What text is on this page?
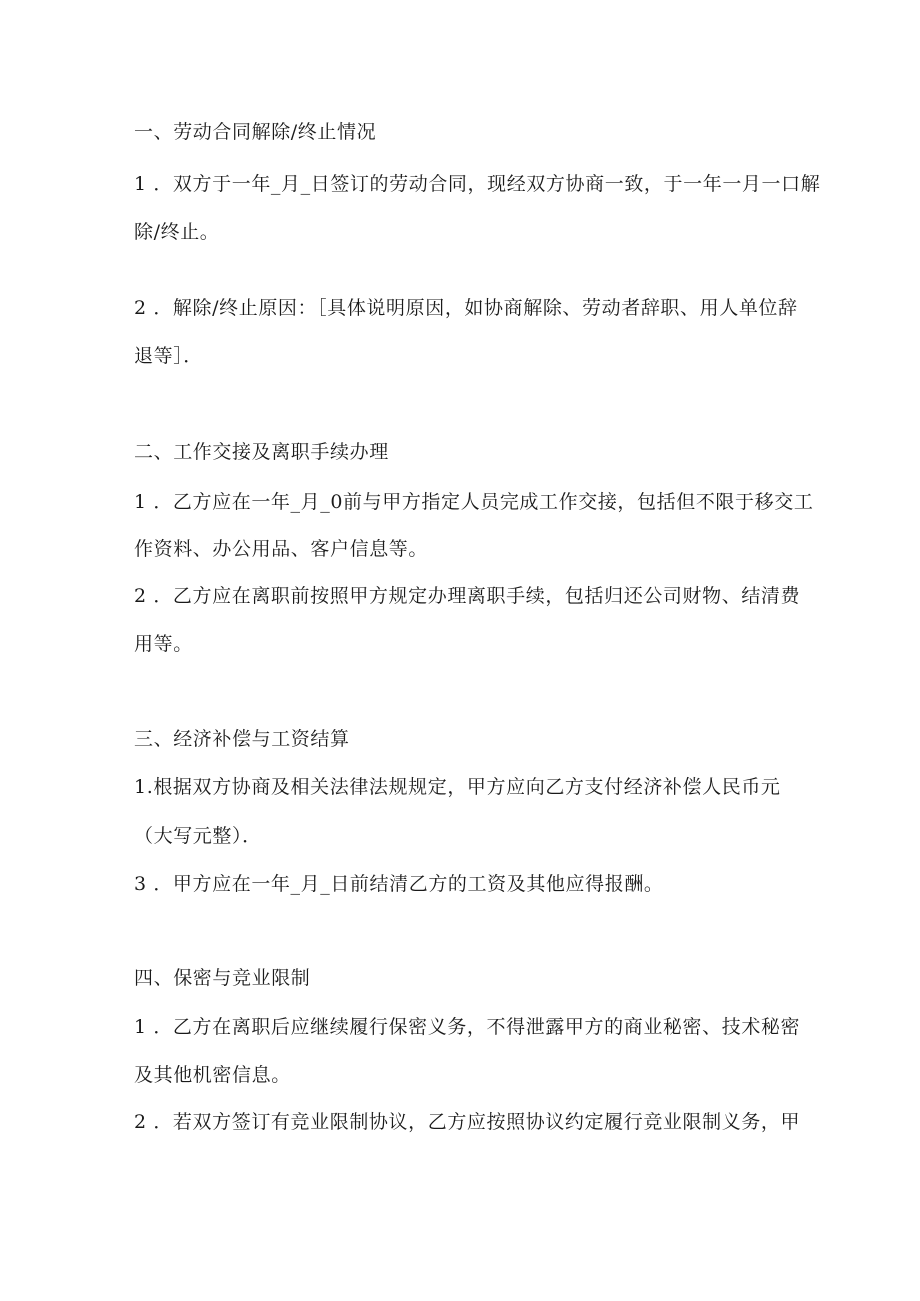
一、劳动合同解除/终止情况
1 ．双方于一年_月_日签订的劳动合同，现经双方协商一致，于一年一月一口解
除/终止。
2 ．解除/终止原因：［具体说明原因，如协商解除、劳动者辞职、用人单位辞
退等］．
二、工作交接及离职手续办理
1 ．乙方应在一年_月_0前与甲方指定人员完成工作交接，包括但不限于移交工
作资料、办公用品、客户信息等。
2 ．乙方应在离职前按照甲方规定办理离职手续，包括归还公司财物、结清费
用等。
三、经济补偿与工资结算
1.根据双方协商及相关法律法规规定，甲方应向乙方支付经济补偿人民币元
（大写元整）．
3 ．甲方应在一年_月_日前结清乙方的工资及其他应得报酬。
四、保密与竞业限制
1 ．乙方在离职后应继续履行保密义务，不得泄露甲方的商业秘密、技术秘密
及其他机密信息。
2 ．若双方签订有竞业限制协议，乙方应按照协议约定履行竞业限制义务，甲
